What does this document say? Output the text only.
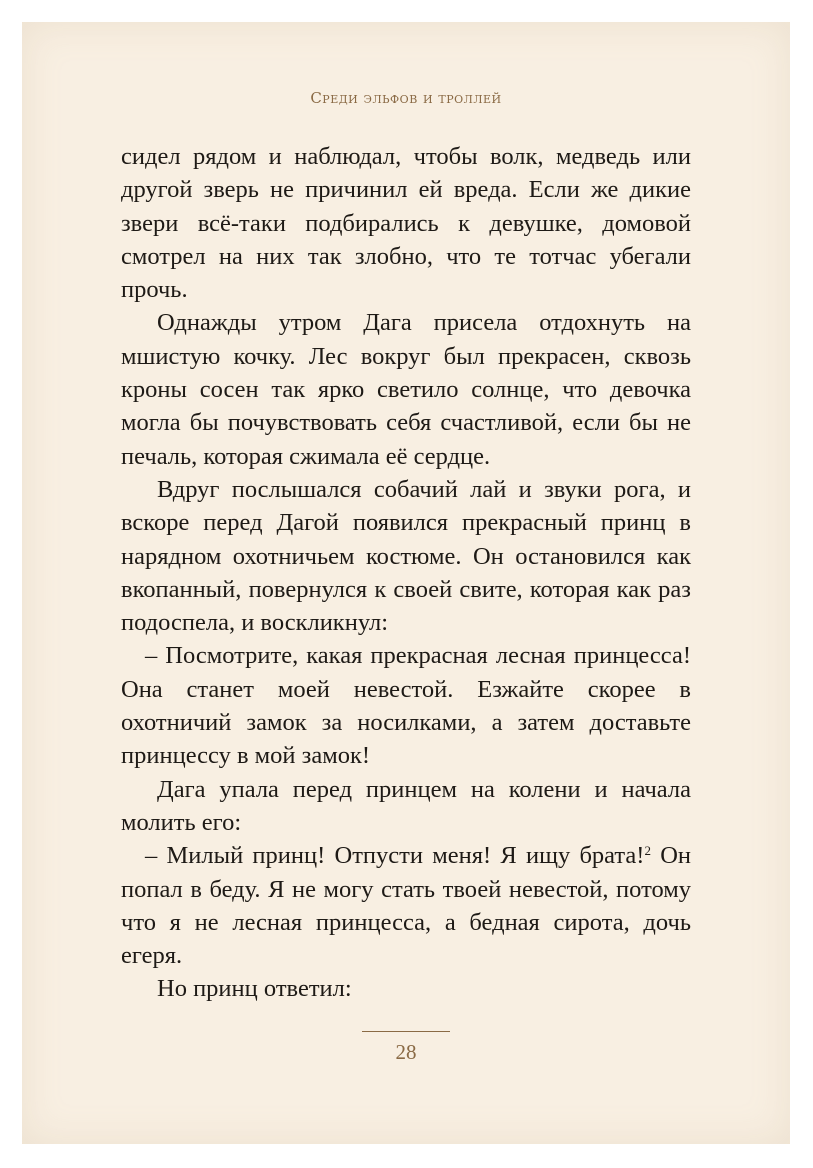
Среди эльфов и троллей

сидел рядом и наблюдал, чтобы волк, медведь или другой зверь не причинил ей вреда. Если же дикие звери всё-таки подбирались к девушке, домовой смотрел на них так злобно, что те тотчас убегали прочь.

Однажды утром Дага присела отдохнуть на мшистую кочку. Лес вокруг был прекрасен, сквозь кроны сосен так ярко светило солнце, что девочка могла бы почувствовать себя счастливой, если бы не печаль, которая сжимала её сердце.

Вдруг послышался собачий лай и звуки рога, и вскоре перед Дагой появился прекрасный принц в нарядном охотничьем костюме. Он остановился как вкопанный, повернулся к своей свите, которая как раз подоспела, и воскликнул:

– Посмотрите, какая прекрасная лесная принцесса! Она станет моей невестой. Езжайте скорее в охотничий замок за носилками, а затем доставьте принцессу в мой замок!

Дага упала перед принцем на колени и начала молить его:

– Милый принц! Отпусти меня! Я ищу брата!$^2$ Он попал в беду. Я не могу стать твоей невестой, потому что я не лесная принцесса, а бедная сирота, дочь егеря.

Но принц ответил:

28
